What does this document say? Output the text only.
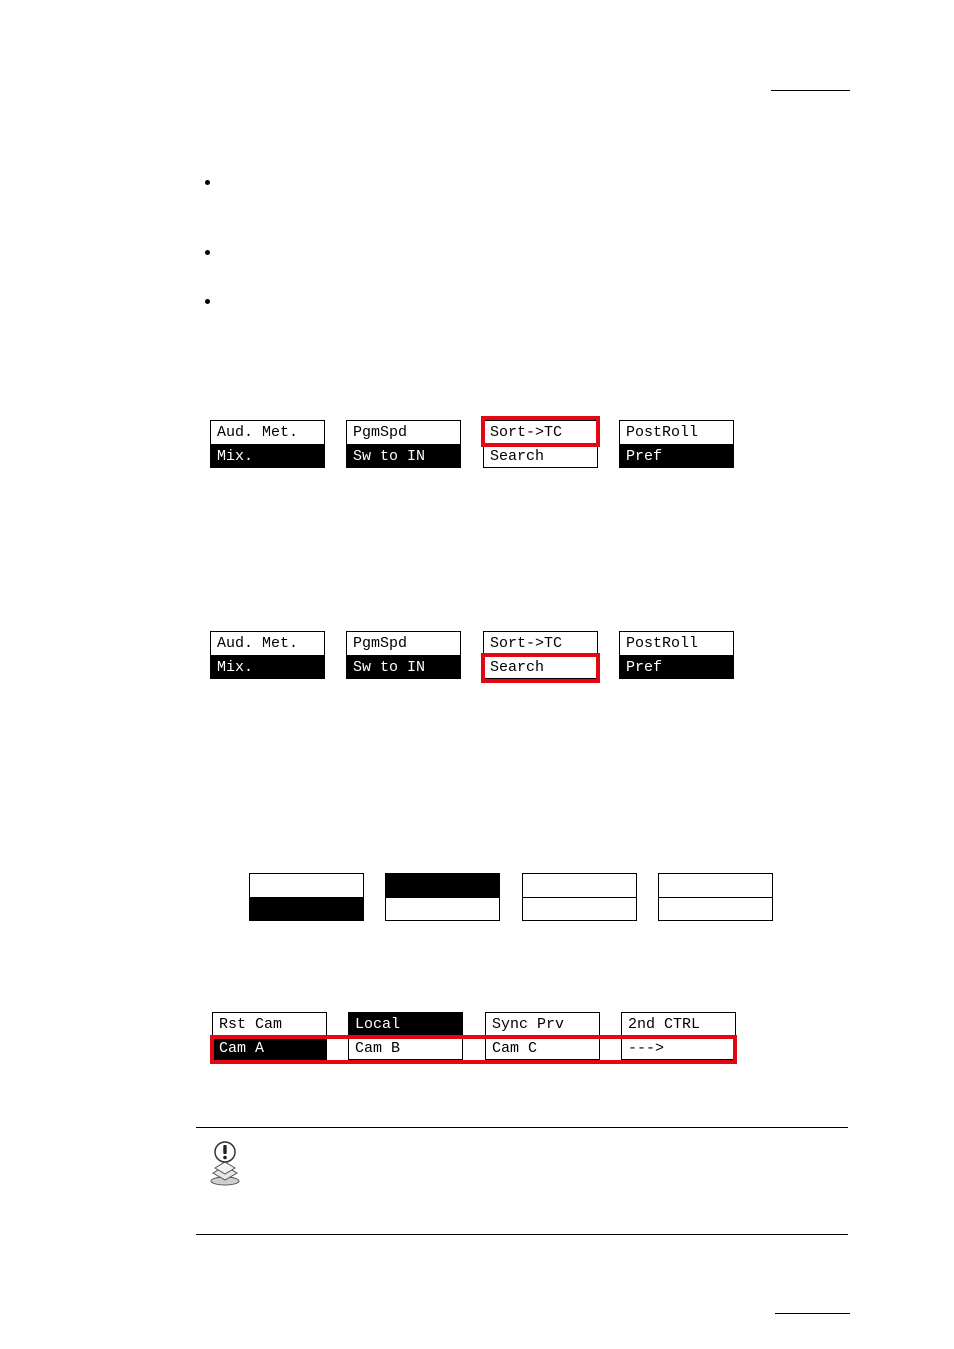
Aud. Met.
Mix.
PgmSpd
Sw to IN
Sort->TC
Search
PostRoll
Pref
Aud. Met.
Mix.
PgmSpd
Sw to IN
Sort->TC
Search
PostRoll
Pref
Rst Cam
Cam A
Local
Cam B
Sync Prv
Cam C
2nd CTRL
--->
